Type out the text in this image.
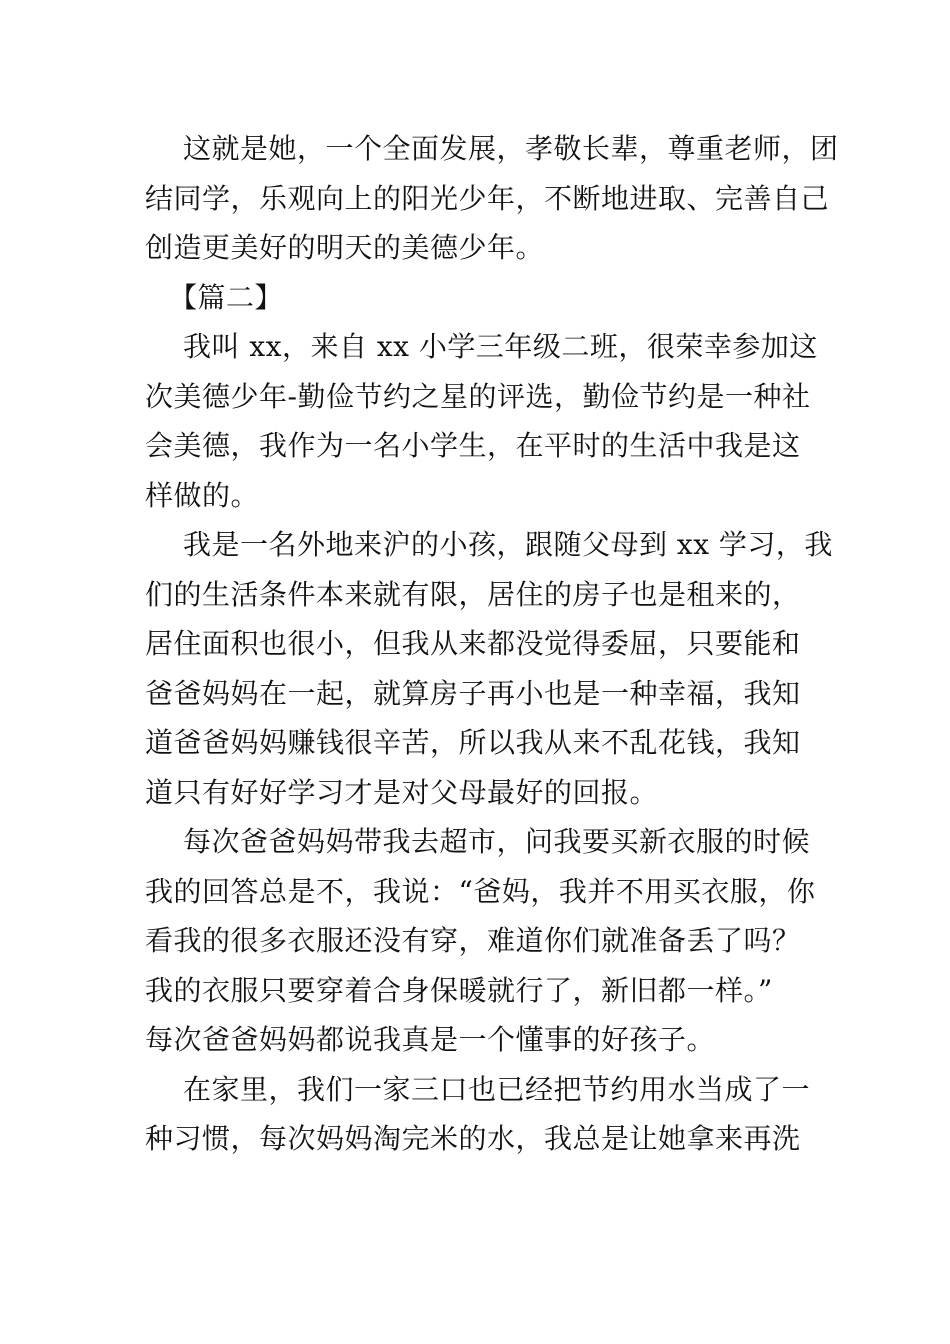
这就是她，一个全面发展，孝敬长辈，尊重老师，团
结同学，乐观向上的阳光少年，不断地进取、完善自己
创造更美好的明天的美德少年。

【篇二】

我叫 xx，来自 xx 小学三年级二班，很荣幸参加这
次美德少年-勤俭节约之星的评选，勤俭节约是一种社
会美德，我作为一名小学生，在平时的生活中我是这
样做的。

我是一名外地来沪的小孩，跟随父母到 xx 学习，我
们的生活条件本来就有限，居住的房子也是租来的，
居住面积也很小，但我从来都没觉得委屈，只要能和
爸爸妈妈在一起，就算房子再小也是一种幸福，我知
道爸爸妈妈赚钱很辛苦，所以我从来不乱花钱，我知
道只有好好学习才是对父母最好的回报。

每次爸爸妈妈带我去超市，问我要买新衣服的时候
我的回答总是不，我说：“爸妈，我并不用买衣服，你
看我的很多衣服还没有穿，难道你们就准备丢了吗？
我的衣服只要穿着合身保暖就行了，新旧都一样。”
每次爸爸妈妈都说我真是一个懂事的好孩子。

在家里，我们一家三口也已经把节约用水当成了一
种习惯，每次妈妈淘完米的水，我总是让她拿来再洗
